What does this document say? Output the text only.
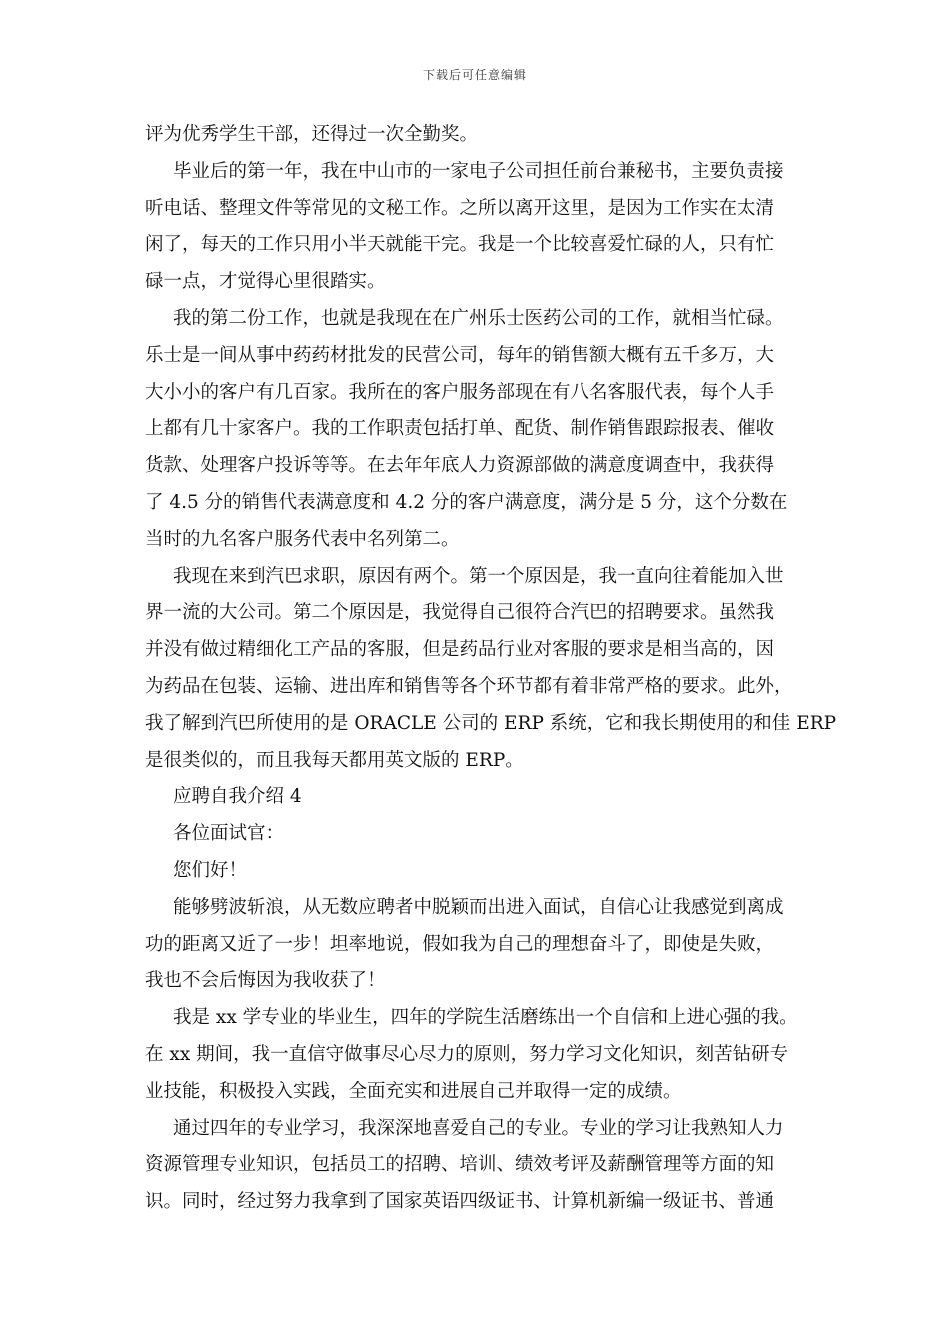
下载后可任意编辑
评为优秀学生干部，还得过一次全勤奖。
毕业后的第一年，我在中山市的一家电子公司担任前台兼秘书，主要负责接
听电话、整理文件等常见的文秘工作。之所以离开这里，是因为工作实在太清
闲了，每天的工作只用小半天就能干完。我是一个比较喜爱忙碌的人，只有忙
碌一点，才觉得心里很踏实。
我的第二份工作，也就是我现在在广州乐士医药公司的工作，就相当忙碌。
乐士是一间从事中药药材批发的民营公司，每年的销售额大概有五千多万，大
大小小的客户有几百家。我所在的客户服务部现在有八名客服代表，每个人手
上都有几十家客户。我的工作职责包括打单、配货、制作销售跟踪报表、催收
货款、处理客户投诉等等。在去年年底人力资源部做的满意度调查中，我获得
了 4.5 分的销售代表满意度和 4.2 分的客户满意度，满分是 5 分，这个分数在
当时的九名客户服务代表中名列第二。
我现在来到汽巴求职，原因有两个。第一个原因是，我一直向往着能加入世
界一流的大公司。第二个原因是，我觉得自己很符合汽巴的招聘要求。虽然我
并没有做过精细化工产品的客服，但是药品行业对客服的要求是相当高的，因
为药品在包装、运输、进出库和销售等各个环节都有着非常严格的要求。此外，
我了解到汽巴所使用的是 ORACLE 公司的 ERP 系统，它和我长期使用的和佳 ERP
是很类似的，而且我每天都用英文版的 ERP。
应聘自我介绍 4
各位面试官：
您们好！
能够劈波斩浪，从无数应聘者中脱颖而出进入面试，自信心让我感觉到离成
功的距离又近了一步！坦率地说，假如我为自己的理想奋斗了，即使是失败，
我也不会后悔因为我收获了！
我是 xx 学专业的毕业生，四年的学院生活磨练出一个自信和上进心强的我。
在 xx 期间，我一直信守做事尽心尽力的原则，努力学习文化知识，刻苦钻研专
业技能，积极投入实践，全面充实和进展自己并取得一定的成绩。
通过四年的专业学习，我深深地喜爱自己的专业。专业的学习让我熟知人力
资源管理专业知识，包括员工的招聘、培训、绩效考评及薪酬管理等方面的知
识。同时，经过努力我拿到了国家英语四级证书、计算机新编一级证书、普通
